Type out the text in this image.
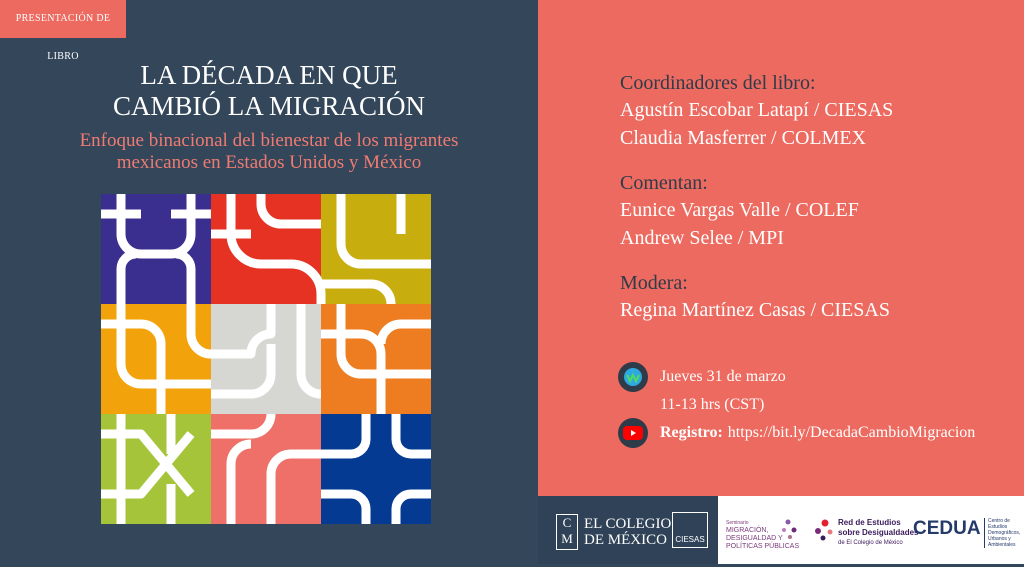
PRESENTACIÓN DE LIBRO
LA DÉCADA EN QUE
CAMBIÓ LA MIGRACIÓN

Enfoque binacional del bienestar de los migrantes
mexicanos en Estados Unidos y México

Coordinadores del libro:
Agustín Escobar Latapí / CIESAS
Claudia Masferrer / COLMEX
Comentan:
Eunice Vargas Valle / COLEF
Andrew Selee / MPI
Modera:
Regina Martínez Casas / CIESAS
Jueves 31 de marzo
11-13 hrs (CST)
Registro: https://bit.ly/DecadaCambioMigracion
C
M
EL COLEGIO
DE MÉXICO	CIESAS
Seminario
MIGRACIÓN,
DESIGUALDAD Y
POLÍTICAS PÚBLICAS
Red de Estudios
sobre Desigualdades
de El Colegio de México
CEDUA	Centro de Estudios Demográficos, Urbanos y Ambientales
